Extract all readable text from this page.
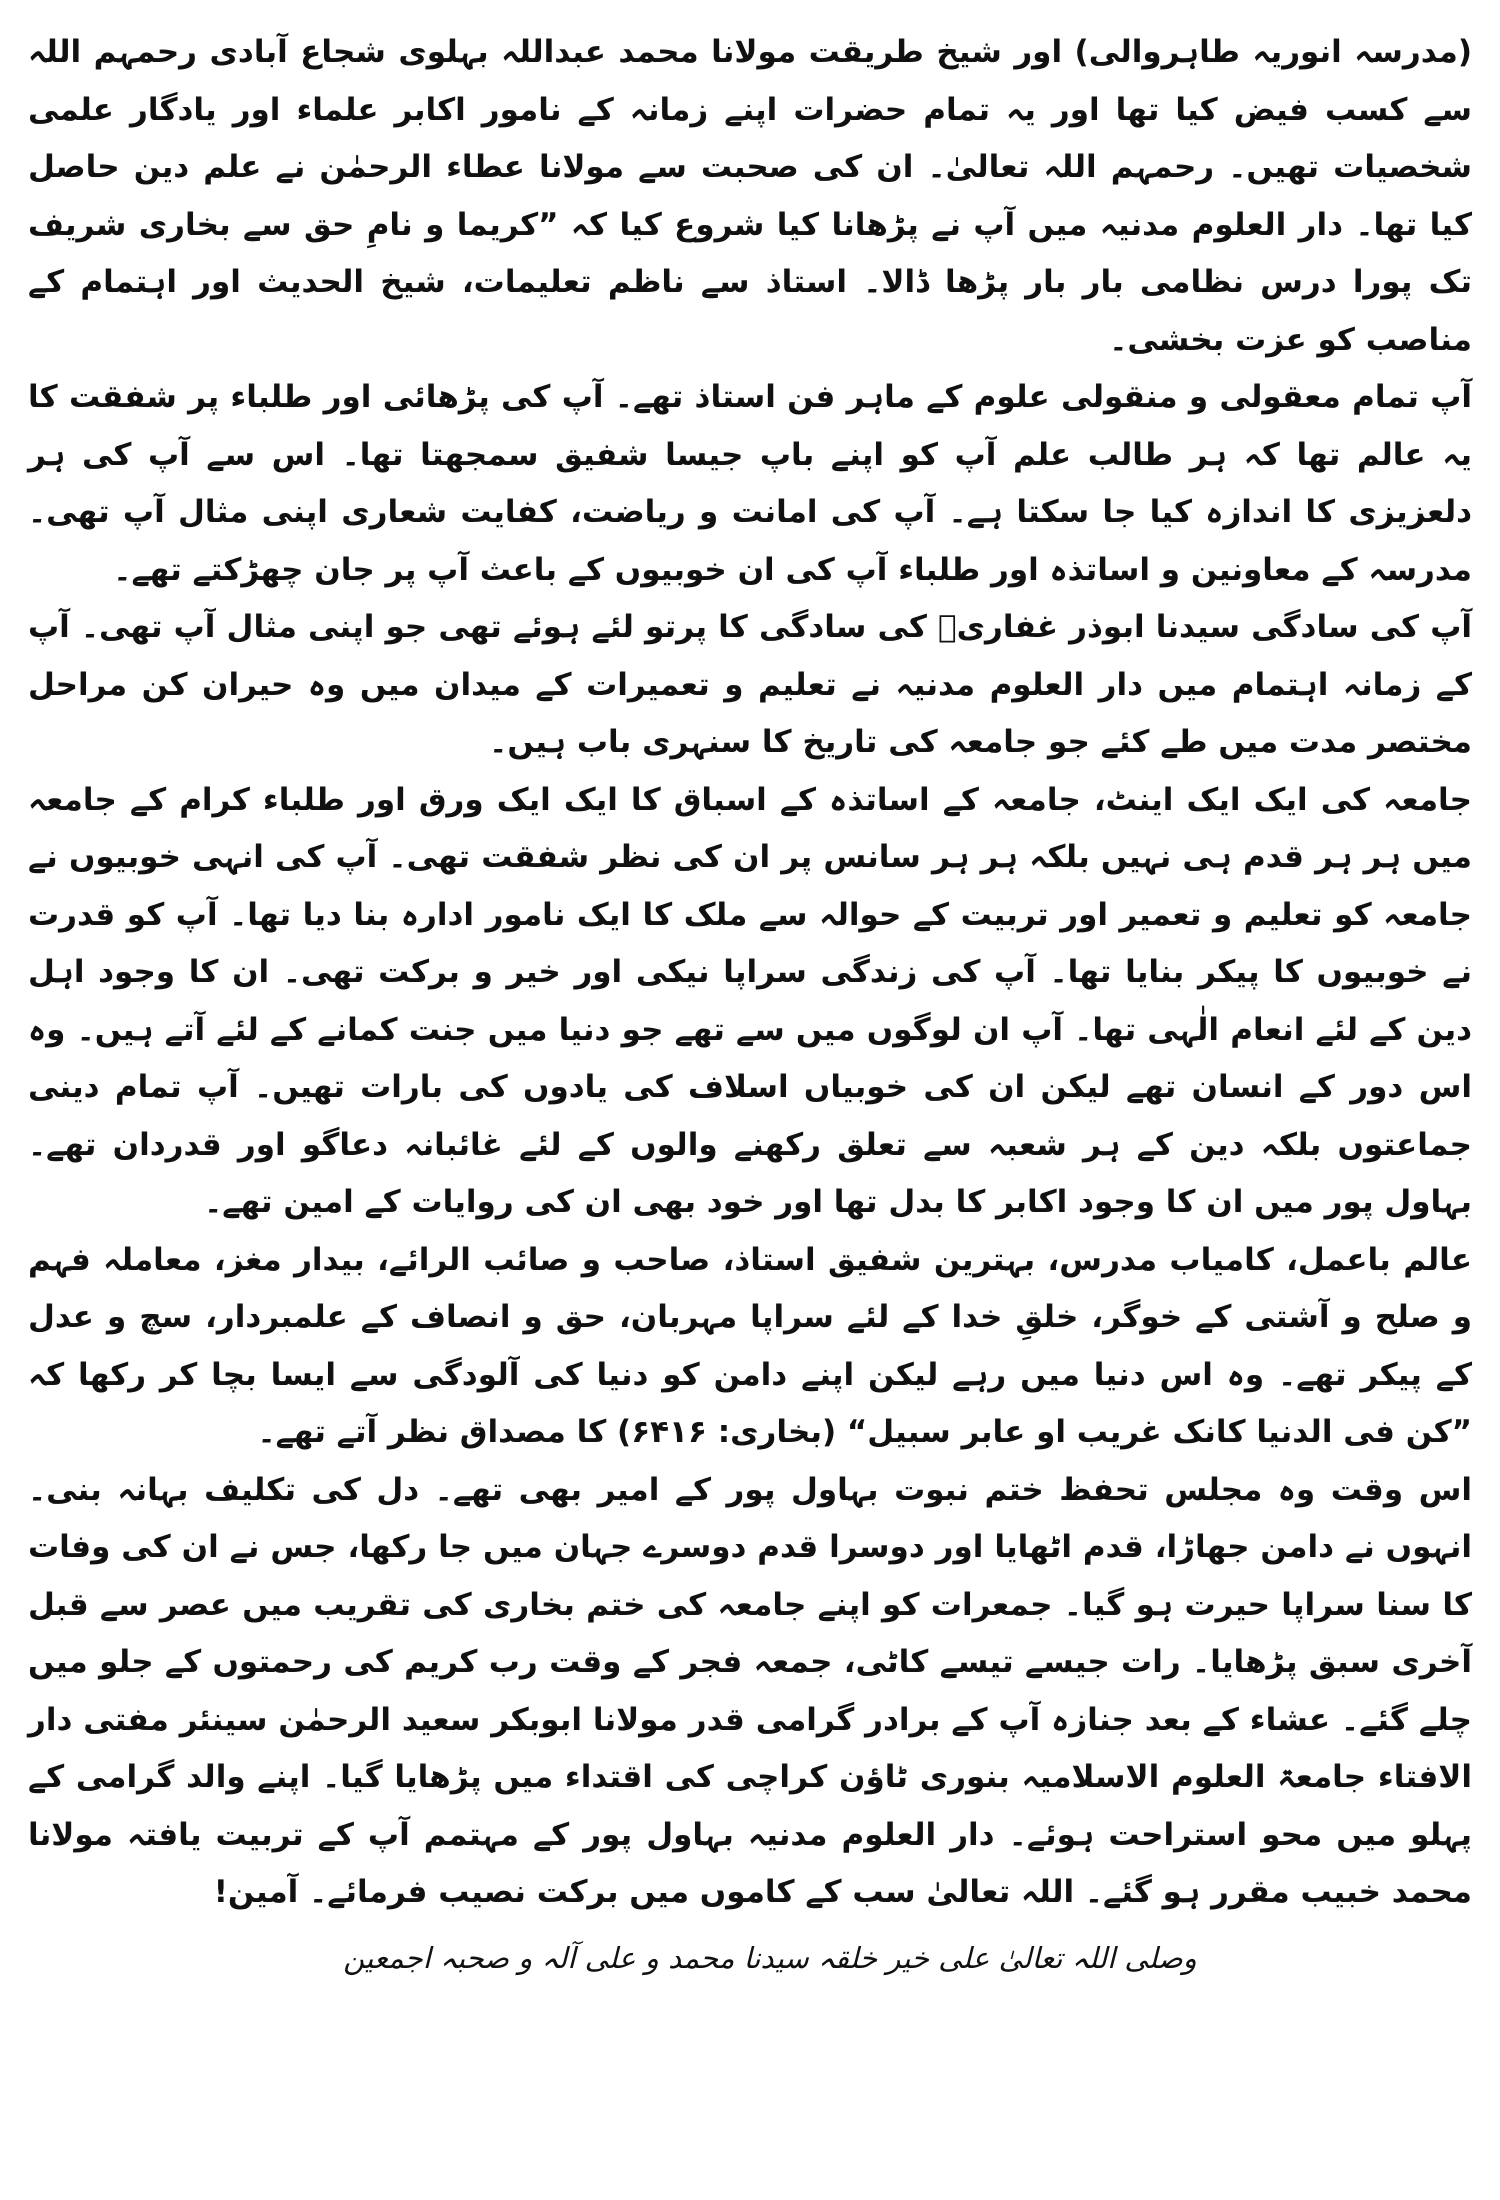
(مدرسہ انوریہ طاہروالی) اور شیخ طریقت مولانا محمد عبداللہ بہلوی شجاع آبادی رحمہم اللہ سے کسب فیض کیا تھا اور یہ تمام حضرات اپنے زمانہ کے نامور اکابر علماء اور یادگار علمی شخصیات تھیں۔ رحمہم اللہ تعالیٰ۔ ان کی صحبت سے مولانا عطاء الرحمٰن نے علم دین حاصل کیا تھا۔ دار العلوم مدنیہ میں آپ نے پڑھانا کیا شروع کیا کہ ”کریما و نامِ حق سے بخاری شریف تک پورا درس نظامی بار بار پڑھا ڈالا۔ استاذ سے ناظم تعلیمات، شیخ الحدیث اور اہتمام کے مناصب کو عزت بخشی۔

آپ تمام معقولی و منقولی علوم کے ماہر فن استاذ تھے۔ آپ کی پڑھائی اور طلباء پر شفقت کا یہ عالم تھا کہ ہر طالب علم آپ کو اپنے باپ جیسا شفیق سمجھتا تھا۔ اس سے آپ کی ہر دلعزیزی کا اندازہ کیا جا سکتا ہے۔ آپ کی امانت و ریاضت، کفایت شعاری اپنی مثال آپ تھی۔ مدرسہ کے معاونین و اساتذہ اور طلباء آپ کی ان خوبیوں کے باعث آپ پر جان چھڑکتے تھے۔

آپ کی سادگی سیدنا ابوذر غفاریؓ کی سادگی کا پرتو لئے ہوئے تھی جو اپنی مثال آپ تھی۔ آپ کے زمانہ اہتمام میں دار العلوم مدنیہ نے تعلیم و تعمیرات کے میدان میں وہ حیران کن مراحل مختصر مدت میں طے کئے جو جامعہ کی تاریخ کا سنہری باب ہیں۔

جامعہ کی ایک ایک اینٹ، جامعہ کے اساتذہ کے اسباق کا ایک ایک ورق اور طلباء کرام کے جامعہ میں ہر ہر قدم ہی نہیں بلکہ ہر ہر سانس پر ان کی نظر شفقت تھی۔ آپ کی انہی خوبیوں نے جامعہ کو تعلیم و تعمیر اور تربیت کے حوالہ سے ملک کا ایک نامور ادارہ بنا دیا تھا۔ آپ کو قدرت نے خوبیوں کا پیکر بنایا تھا۔ آپ کی زندگی سراپا نیکی اور خیر و برکت تھی۔ ان کا وجود اہل دین کے لئے انعام الٰہی تھا۔ آپ ان لوگوں میں سے تھے جو دنیا میں جنت کمانے کے لئے آتے ہیں۔ وہ اس دور کے انسان تھے لیکن ان کی خوبیاں اسلاف کی یادوں کی بارات تھیں۔ آپ تمام دینی جماعتوں بلکہ دین کے ہر شعبہ سے تعلق رکھنے والوں کے لئے غائبانہ دعاگو اور قدردان تھے۔ بہاول پور میں ان کا وجود اکابر کا بدل تھا اور خود بھی ان کی روایات کے امین تھے۔

عالم باعمل، کامیاب مدرس، بہترین شفیق استاذ، صاحب و صائب الرائے، بیدار مغز، معاملہ فہم و صلح و آشتی کے خوگر، خلقِ خدا کے لئے سراپا مہربان، حق و انصاف کے علمبردار، سچ و عدل کے پیکر تھے۔ وہ اس دنیا میں رہے لیکن اپنے دامن کو دنیا کی آلودگی سے ایسا بچا کر رکھا کہ ”کن فی الدنیا کانک غریب او عابر سبیل“ (بخاری: ۶۴۱۶) کا مصداق نظر آتے تھے۔

اس وقت وہ مجلس تحفظ ختم نبوت بہاول پور کے امیر بھی تھے۔ دل کی تکلیف بہانہ بنی۔ انہوں نے دامن جھاڑا، قدم اٹھایا اور دوسرا قدم دوسرے جہان میں جا رکھا، جس نے ان کی وفات کا سنا سراپا حیرت ہو گیا۔ جمعرات کو اپنے جامعہ کی ختم بخاری کی تقریب میں عصر سے قبل آخری سبق پڑھایا۔ رات جیسے تیسے کاٹی، جمعہ فجر کے وقت رب کریم کی رحمتوں کے جلو میں چلے گئے۔ عشاء کے بعد جنازہ آپ کے برادر گرامی قدر مولانا ابوبکر سعید الرحمٰن سینئر مفتی دار الافتاء جامعۃ العلوم الاسلامیہ بنوری ٹاؤن کراچی کی اقتداء میں پڑھایا گیا۔ اپنے والد گرامی کے پہلو میں محو استراحت ہوئے۔ دار العلوم مدنیہ بہاول پور کے مہتمم آپ کے تربیت یافتہ مولانا محمد خبیب مقرر ہو گئے۔ اللہ تعالیٰ سب کے کاموں میں برکت نصیب فرمائے۔ آمین!

وصلی اللہ تعالیٰ علی خیر خلقہ سیدنا محمد و علی آلہ و صحبہ اجمعین
